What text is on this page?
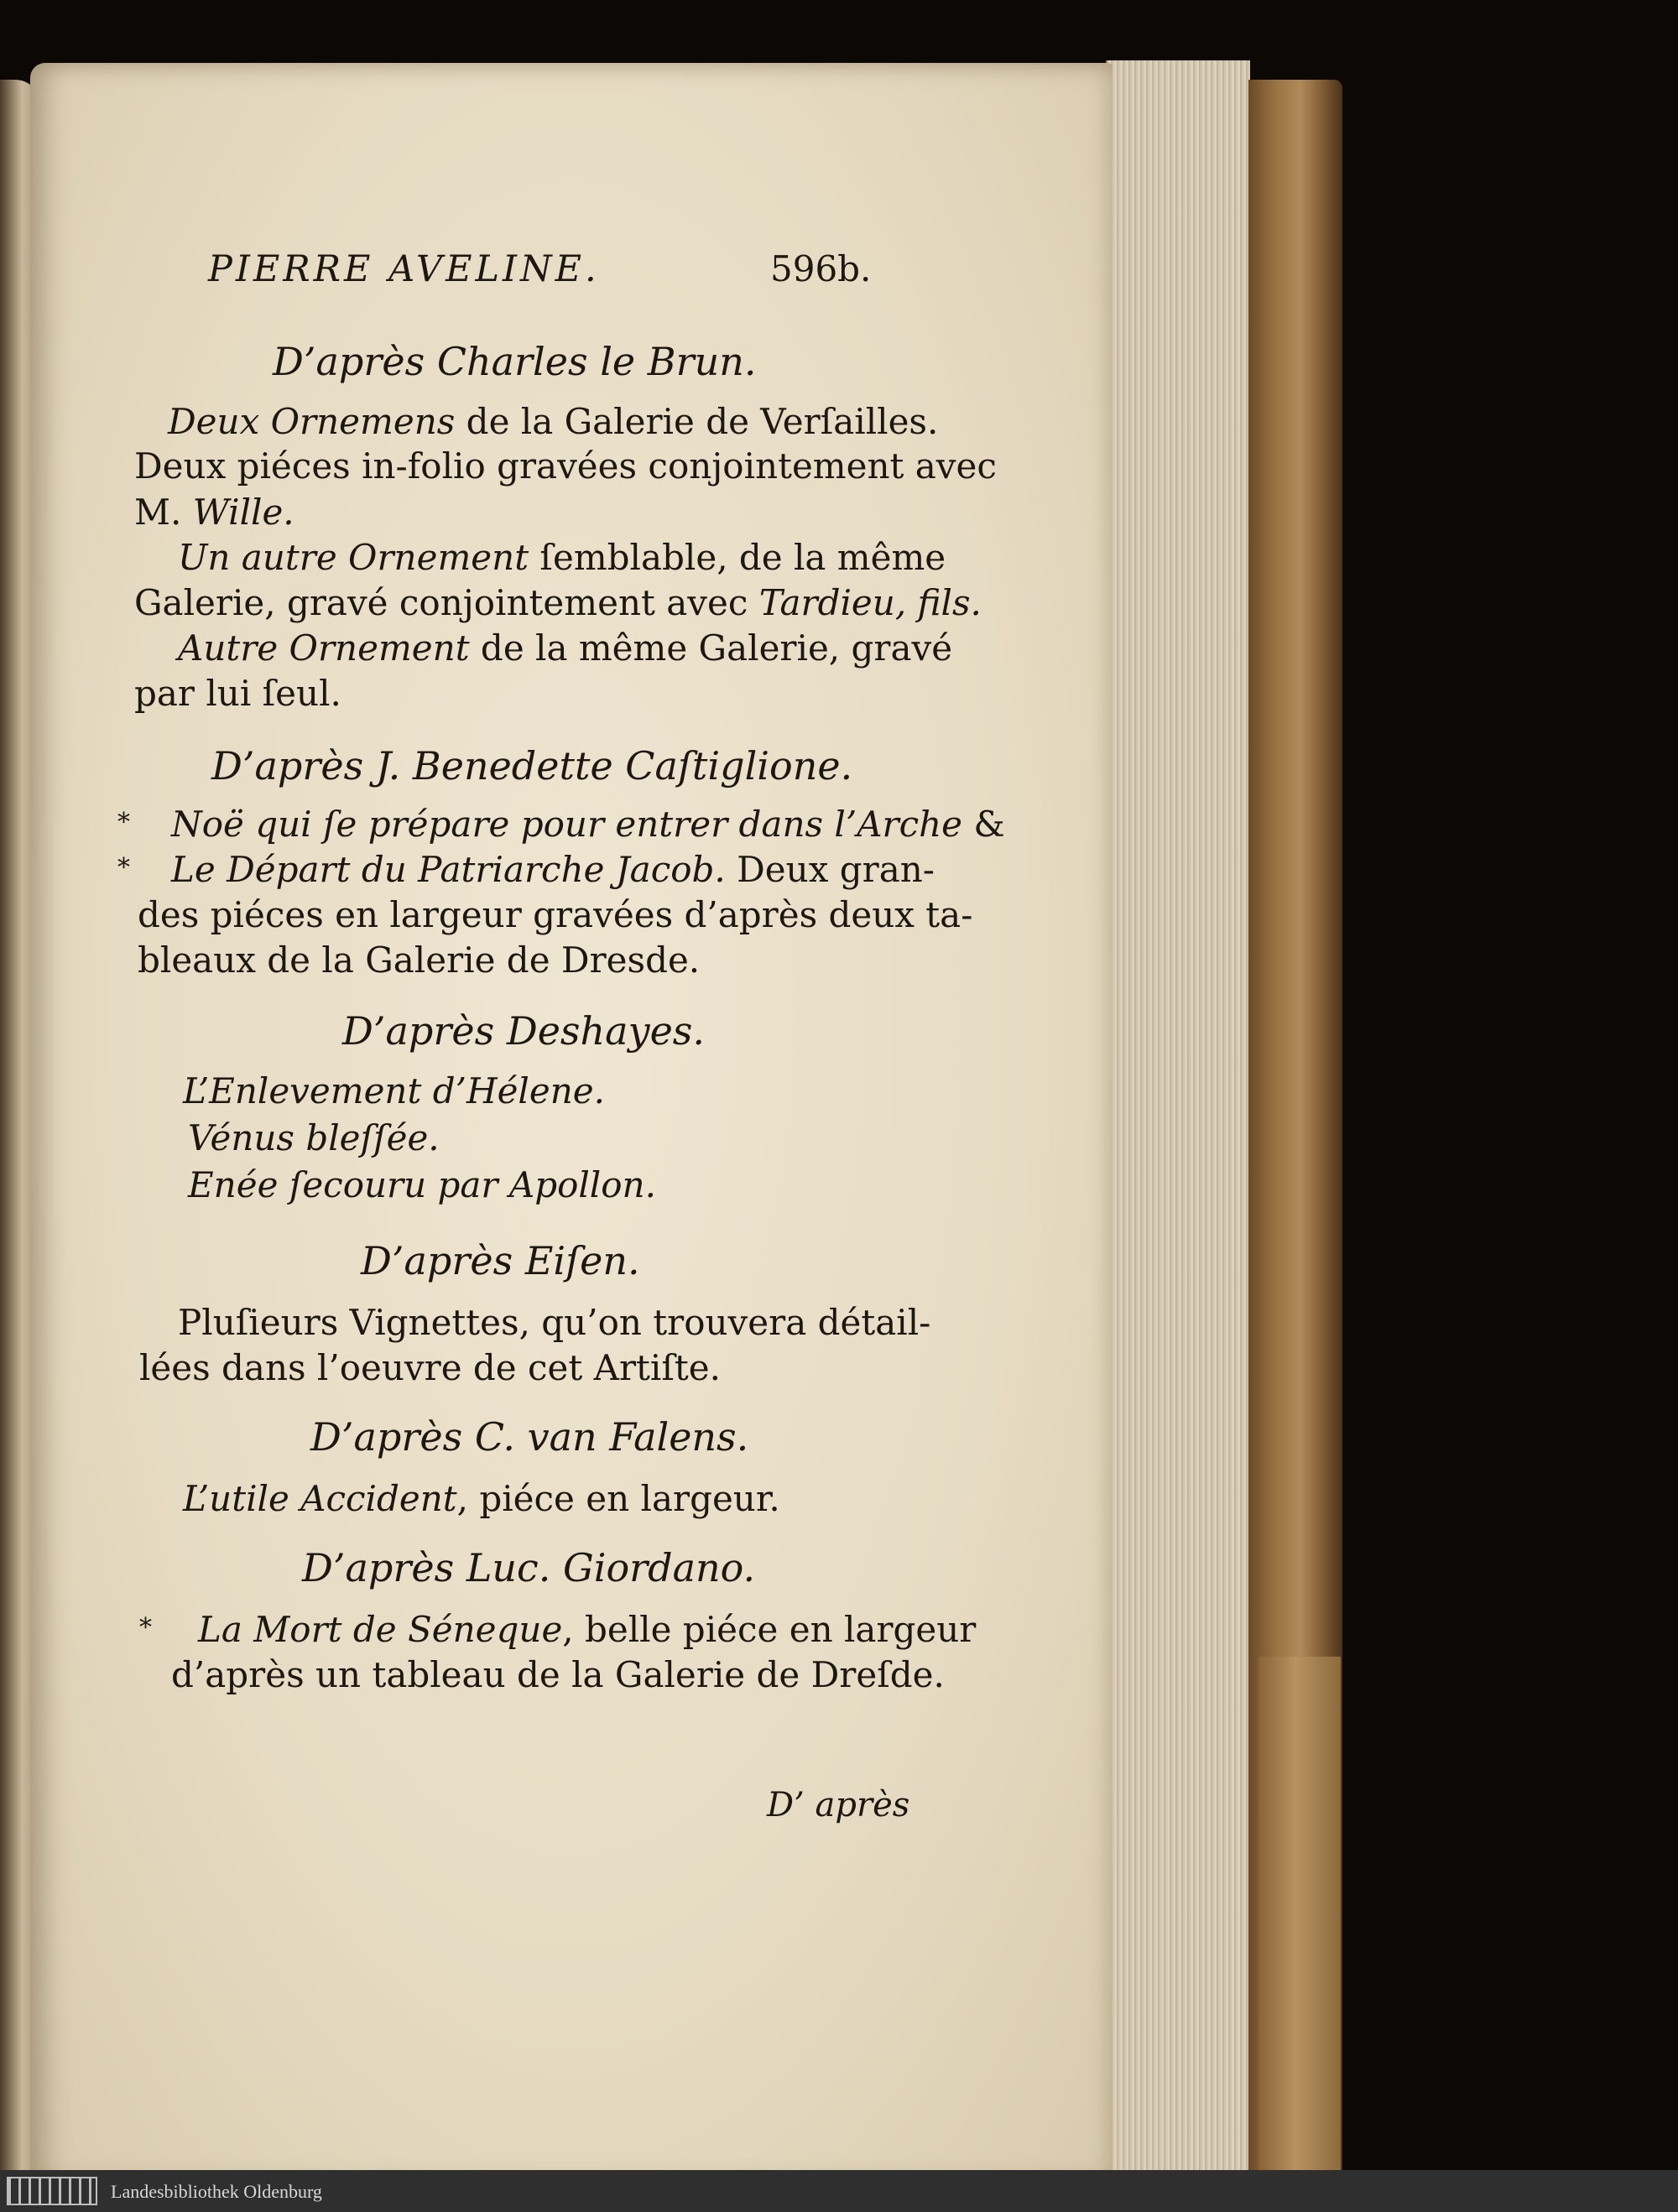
PIERRE AVELINE.	596b.
D’après Charles le Brun.
Deux Ornemens de la Galerie de Verſailles.
Deux piéces in-folio gravées conjointement avec
M. Wille.
Un autre Ornement ſemblable, de la même
Galerie, gravé conjointement avec Tardieu, fils.
Autre Ornement de la même Galerie, gravé
par lui ſeul.
D’après J. Benedette Caſtiglione.
* Noë qui ſe prépare pour entrer dans l’Arche &
* Le Départ du Patriarche Jacob. Deux gran-
des piéces en largeur gravées d’après deux ta-
bleaux de la Galerie de Dresde.
D’après Deshayes.
L’Enlevement d’Hélene.
Vénus bleſſée.
Enée ſecouru par Apollon.
D’après Eiſen.
Pluſieurs Vignettes, qu’on trouvera détail-
lées dans l’oeuvre de cet Artiſte.
D’après C. van Falens.
L’utile Accident, piéce en largeur.
D’après Luc. Giordano.
* La Mort de Séneque, belle piéce en largeur
d’après un tableau de la Galerie de Dreſde.
D’ après
Landesbibliothek Oldenburg
